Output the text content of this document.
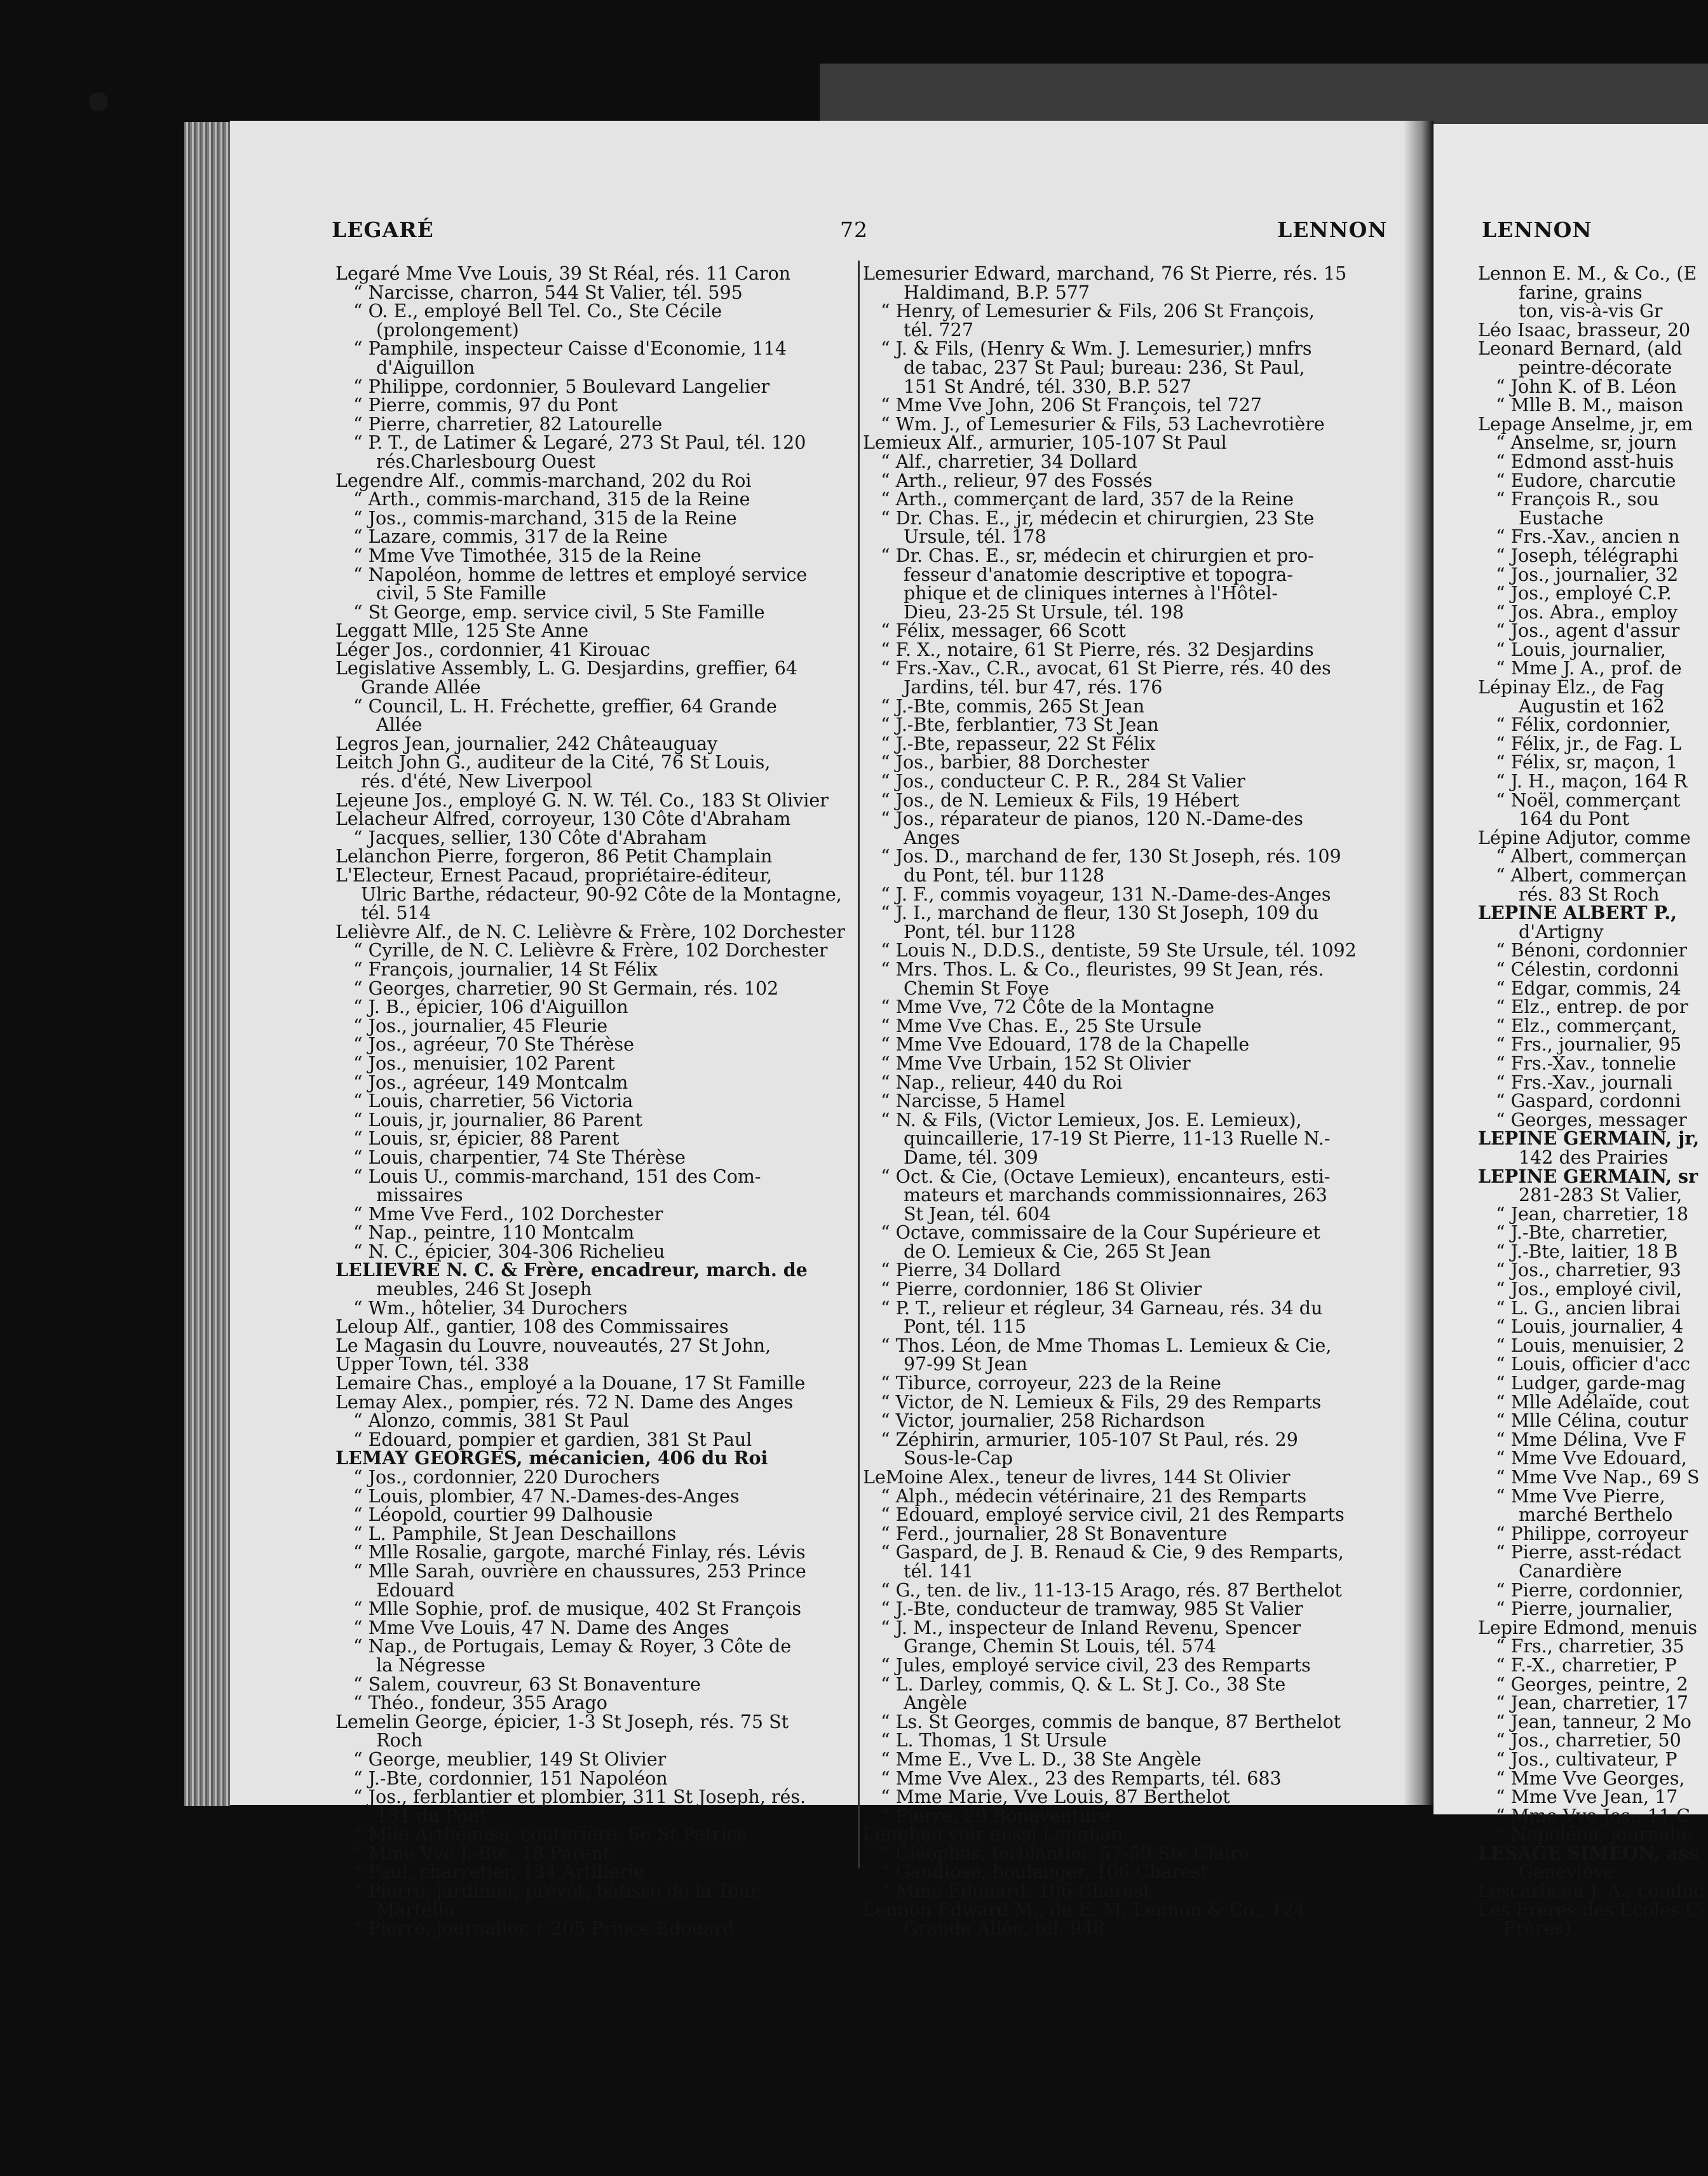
LEGARÉ	72	LENNON	LENNON
Legaré Mme Vve Louis, 39 St Réal, rés. 11 Caron
“ Narcisse, charron, 544 St Valier, tél. 595
“ O. E., employé Bell Tel. Co., Ste Cécile
(prolongement)
“ Pamphile, inspecteur Caisse d'Economie, 114
d'Aiguillon
“ Philippe, cordonnier, 5 Boulevard Langelier
“ Pierre, commis, 97 du Pont
“ Pierre, charretier, 82 Latourelle
“ P. T., de Latimer & Legaré, 273 St Paul, tél. 120
rés.Charlesbourg Ouest
Legendre Alf., commis-marchand, 202 du Roi
“ Arth., commis-marchand, 315 de la Reine
“ Jos., commis-marchand, 315 de la Reine
“ Lazare, commis, 317 de la Reine
“ Mme Vve Timothée, 315 de la Reine
“ Napoléon, homme de lettres et employé service
civil, 5 Ste Famille
“ St George, emp. service civil, 5 Ste Famille
Leggatt Mlle, 125 Ste Anne
Léger Jos., cordonnier, 41 Kirouac
Legislative Assembly, L. G. Desjardins, greffier, 64
Grande Allée
“ Council, L. H. Fréchette, greffier, 64 Grande
Allée
Legros Jean, journalier, 242 Châteauguay
Leitch John G., auditeur de la Cité, 76 St Louis,
rés. d'été, New Liverpool
Lejeune Jos., employé G. N. W. Tél. Co., 183 St Olivier
Lelacheur Alfred, corroyeur, 130 Côte d'Abraham
“ Jacques, sellier, 130 Côte d'Abraham
Lelanchon Pierre, forgeron, 86 Petit Champlain
L'Electeur, Ernest Pacaud, propriétaire-éditeur,
Ulric Barthe, rédacteur, 90-92 Côte de la Montagne,
tél. 514
Lelièvre Alf., de N. C. Lelièvre & Frère, 102 Dorchester
“ Cyrille, de N. C. Lelièvre & Frère, 102 Dorchester
“ François, journalier, 14 St Félix
“ Georges, charretier, 90 St Germain, rés. 102
“ J. B., épicier, 106 d'Aiguillon
“ Jos., journalier, 45 Fleurie
“ Jos., agréeur, 70 Ste Thérèse
“ Jos., menuisier, 102 Parent
“ Jos., agréeur, 149 Montcalm
“ Louis, charretier, 56 Victoria
“ Louis, jr, journalier, 86 Parent
“ Louis, sr, épicier, 88 Parent
“ Louis, charpentier, 74 Ste Thérèse
“ Louis U., commis-marchand, 151 des Com-
missaires
“ Mme Vve Ferd., 102 Dorchester
“ Nap., peintre, 110 Montcalm
“ N. C., épicier, 304-306 Richelieu
LELIEVRE N. C. & Frère, encadreur, march. de
meubles, 246 St Joseph
“ Wm., hôtelier, 34 Durochers
Leloup Alf., gantier, 108 des Commissaires
Le Magasin du Louvre, nouveautés, 27 St John,
Upper Town, tél. 338
Lemaire Chas., employé a la Douane, 17 St Famille
Lemay Alex., pompier, rés. 72 N. Dame des Anges
“ Alonzo, commis, 381 St Paul
“ Edouard, pompier et gardien, 381 St Paul
LEMAY GEORGES, mécanicien, 406 du Roi
“ Jos., cordonnier, 220 Durochers
“ Louis, plombier, 47 N.-Dames-des-Anges
“ Léopold, courtier 99 Dalhousie
“ L. Pamphile, St Jean Deschaillons
“ Mlle Rosalie, gargote, marché Finlay, rés. Lévis
“ Mlle Sarah, ouvrière en chaussures, 253 Prince
Edouard
“ Mlle Sophie, prof. de musique, 402 St François
“ Mme Vve Louis, 47 N. Dame des Anges
“ Nap., de Portugais, Lemay & Royer, 3 Côte de
la Négresse
“ Salem, couvreur, 63 St Bonaventure
“ Théo., fondeur, 355 Arago
Lemelin George, épicier, 1-3 St Joseph, rés. 75 St
Roch
“ George, meublier, 149 St Olivier
“ J.-Bte, cordonnier, 151 Napoléon
“ Jos., ferblantier et plombier, 311 St Joseph, rés.
131 du Pont
“ Mlle Arthémise, couturière, 66 St Patrice
“ Mme Vve J.-Bte, 18 Parent
“ Paul, charretier, 134 Artillerie
“ Pierre, jardinier, prévôt, bâtisse de la Tour
Martello
“ Pierre, journalier, r 205 Prince Edouard
Lemesurier Edward, marchand, 76 St Pierre, rés. 15
Haldimand, B.P. 577
“ Henry, of Lemesurier & Fils, 206 St François,
tél. 727
“ J. & Fils, (Henry & Wm. J. Lemesurier,) mnfrs
de tabac, 237 St Paul; bureau: 236, St Paul,
151 St André, tél. 330, B.P. 527
“ Mme Vve John, 206 St François, tel 727
“ Wm. J., of Lemesurier & Fils, 53 Lachevrotière
Lemieux Alf., armurier, 105-107 St Paul
“ Alf., charretier, 34 Dollard
“ Arth., relieur, 97 des Fossés
“ Arth., commerçant de lard, 357 de la Reine
“ Dr. Chas. E., jr, médecin et chirurgien, 23 Ste
Ursule, tél. 178
“ Dr. Chas. E., sr, médecin et chirurgien et pro-
fesseur d'anatomie descriptive et topogra-
phique et de cliniques internes à l'Hôtel-
Dieu, 23-25 St Ursule, tél. 198
“ Félix, messager, 66 Scott
“ F. X., notaire, 61 St Pierre, rés. 32 Desjardins
“ Frs.-Xav., C.R., avocat, 61 St Pierre, rés. 40 des
Jardins, tél. bur 47, rés. 176
“ J.-Bte, commis, 265 St Jean
“ J.-Bte, ferblantier, 73 St Jean
“ J.-Bte, repasseur, 22 St Félix
“ Jos., barbier, 88 Dorchester
“ Jos., conducteur C. P. R., 284 St Valier
“ Jos., de N. Lemieux & Fils, 19 Hébert
“ Jos., réparateur de pianos, 120 N.-Dame-des
Anges
“ Jos. D., marchand de fer, 130 St Joseph, rés. 109
du Pont, tél. bur 1128
“ J. F., commis voyageur, 131 N.-Dame-des-Anges
“ J. I., marchand de fleur, 130 St Joseph, 109 du
Pont, tél. bur 1128
“ Louis N., D.D.S., dentiste, 59 Ste Ursule, tél. 1092
“ Mrs. Thos. L. & Co., fleuristes, 99 St Jean, rés.
Chemin St Foye
“ Mme Vve, 72 Côte de la Montagne
“ Mme Vve Chas. E., 25 Ste Ursule
“ Mme Vve Edouard, 178 de la Chapelle
“ Mme Vve Urbain, 152 St Olivier
“ Nap., relieur, 440 du Roi
“ Narcisse, 5 Hamel
“ N. & Fils, (Victor Lemieux, Jos. E. Lemieux),
quincaillerie, 17-19 St Pierre, 11-13 Ruelle N.-
Dame, tél. 309
“ Oct. & Cie, (Octave Lemieux), encanteurs, esti-
mateurs et marchands commissionnaires, 263
St Jean, tél. 604
“ Octave, commissaire de la Cour Supérieure et
de O. Lemieux & Cie, 265 St Jean
“ Pierre, 34 Dollard
“ Pierre, cordonnier, 186 St Olivier
“ P. T., relieur et régleur, 34 Garneau, rés. 34 du
Pont, tél. 115
“ Thos. Léon, de Mme Thomas L. Lemieux & Cie,
97-99 St Jean
“ Tiburce, corroyeur, 223 de la Reine
“ Victor, de N. Lemieux & Fils, 29 des Remparts
“ Victor, journalier, 258 Richardson
“ Zéphirin, armurier, 105-107 St Paul, rés. 29
Sous-le-Cap
LeMoine Alex., teneur de livres, 144 St Olivier
“ Alph., médecin vétérinaire, 21 des Remparts
“ Edouard, employé service civil, 21 des Remparts
“ Ferd., journalier, 28 St Bonaventure
“ Gaspard, de J. B. Renaud & Cie, 9 des Remparts,
tél. 141
“ G., ten. de liv., 11-13-15 Arago, rés. 87 Berthelot
“ J.-Bte, conducteur de tramway, 985 St Valier
“ J. M., inspecteur de Inland Revenu, Spencer
Grange, Chemin St Louis, tél. 574
“ Jules, employé service civil, 23 des Remparts
“ L. Darley, commis, Q. & L. St J. Co., 38 Ste
Angèle
“ Ls. St Georges, commis de banque, 87 Berthelot
“ L. Thomas, 1 St Ursule
“ Mme E., Vve L. D., 38 Ste Angèle
“ Mme Vve Alex., 23 des Remparts, tél. 683
“ Mme Marie, Vve Louis, 87 Berthelot
“ Pierre, 29 Bonaventure
Lenghen voir aussi Langhan
“ Cléophas, ferblantier, 57-59 Ste Claire
“ Gaudiose, boulanger, 106 Charest
“ Mme Edouard, 106 Charest
Lennon Edward M., de E. M. Lennon & Co., 124
Grande Allée, tél. 948
Lennon E. M., & Co., (E
farine, grains
ton, vis-à-vis Gr
Léo Isaac, brasseur, 20
Leonard Bernard, (ald
peintre-décorate
“ John K. of B. Léon
“ Mlle B. M., maison
Lepage Anselme, jr, em
“ Anselme, sr, journ
“ Edmond asst-huis
“ Eudore, charcutie
“ François R., sou
Eustache
“ Frs.-Xav., ancien n
“ Joseph, télégraphi
“ Jos., journalier, 32
“ Jos., employé C.P.
“ Jos. Abra., employ
“ Jos., agent d'assur
“ Louis, journalier,
“ Mme J. A., prof. de
Lépinay Elz., de Fag
Augustin et 162
“ Félix, cordonnier,
“ Félix, jr., de Fag. L
“ Félix, sr, maçon, 1
“ J. H., maçon, 164 R
“ Noël, commerçant
164 du Pont
Lépine Adjutor, comme
“ Albert, commerçan
“ Albert, commerçan
rés. 83 St Roch
LEPINE ALBERT P.,
d'Artigny
“ Bénoni, cordonnier
“ Célestin, cordonni
“ Edgar, commis, 24
“ Elz., entrep. de por
“ Elz., commerçant,
“ Frs., journalier, 95
“ Frs.-Xav., tonnelie
“ Frs.-Xav., journali
“ Gaspard, cordonni
“ Georges, messager
LEPINE GERMAIN, jr,
142 des Prairies
LEPINE GERMAIN, sr
281-283 St Valier,
“ Jean, charretier, 18
“ J.-Bte, charretier,
“ J.-Bte, laitier, 18 B
“ Jos., charretier, 93
“ Jos., employé civil,
“ L. G., ancien librai
“ Louis, journalier, 4
“ Louis, menuisier, 2
“ Louis, officier d'acc
“ Ludger, garde-mag
“ Mlle Adélaïde, cout
“ Mlle Célina, coutur
“ Mme Délina, Vve F
“ Mme Vve Edouard,
“ Mme Vve Nap., 69 S
“ Mme Vve Pierre,
marché Berthelo
“ Philippe, corroyeur
“ Pierre, asst-rédact
Canardière
“ Pierre, cordonnier,
“ Pierre, journalier,
Lepire Edmond, menuis
“ Frs., charretier, 35
“ F.-X., charretier, P
“ Georges, peintre, 2
“ Jean, charretier, 17
“ Jean, tanneur, 2 Mo
“ Jos., charretier, 50
“ Jos., cultivateur, P
“ Mme Vve Georges,
“ Mme Vve Jean, 17
“ Mme Vve Jos., 11 C
“ Napoléon, journalie
LESAGE SIMEON, ass
Geneviève
Lescarbeau J. A., conduc
Les Frères des Ecoles C
Frères)
